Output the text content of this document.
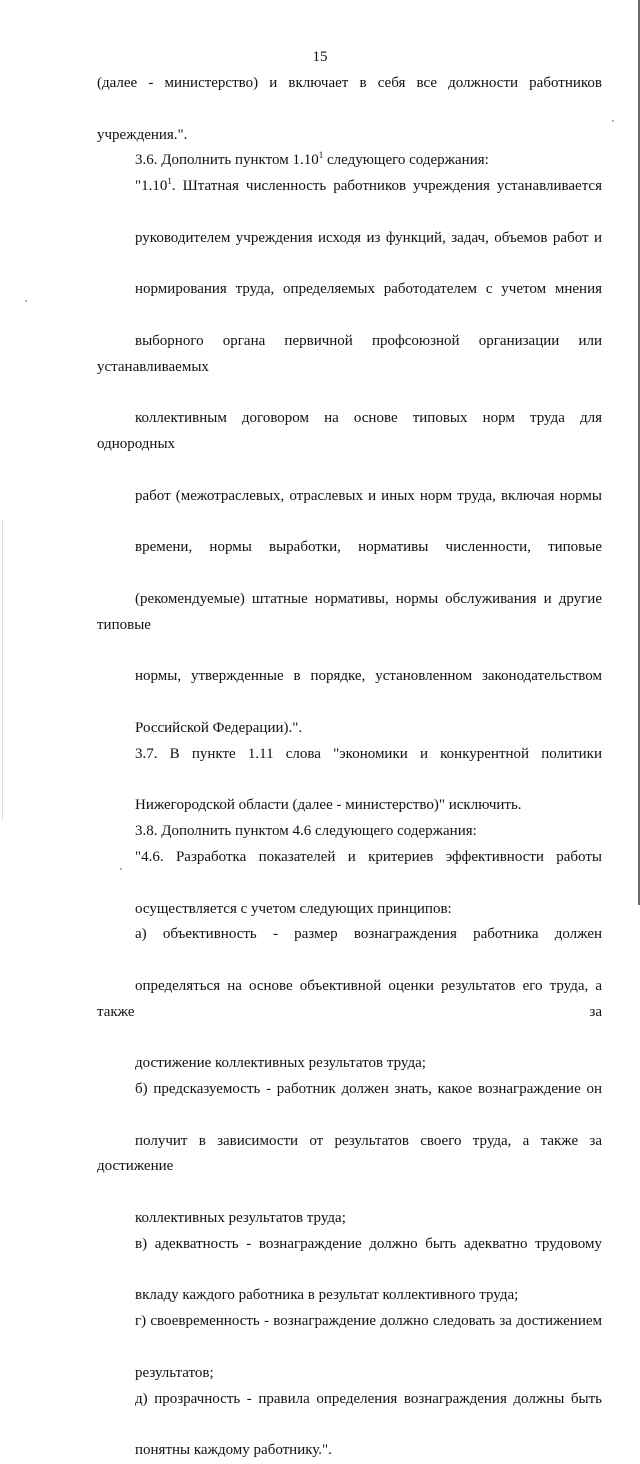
15

(далее - министерство) и включает в себя все должности работников
учреждения.".

3.6. Дополнить пунктом 1.10$^1$ следующего содержания:

"1.10$^1$. Штатная численность работников учреждения устанавливается
руководителем учреждения исходя из функций, задач, объемов работ и
нормирования труда, определяемых работодателем с учетом мнения
выборного органа первичной профсоюзной организации или устанавливаемых
коллективным договором на основе типовых норм труда для однородных
работ (межотраслевых, отраслевых и иных норм труда, включая нормы
времени, нормы выработки, нормативы численности, типовые
(рекомендуемые) штатные нормативы, нормы обслуживания и другие типовые
нормы, утвержденные в порядке, установленном законодательством
Российской Федерации).".

3.7. В пункте 1.11 слова "экономики и конкурентной политики
Нижегородской области (далее - министерство)" исключить.

3.8. Дополнить пунктом 4.6 следующего содержания:

"4.6. Разработка показателей и критериев эффективности работы
осуществляется с учетом следующих принципов:

а) объективность - размер вознаграждения работника должен
определяться на основе объективной оценки результатов его труда, а также за
достижение коллективных результатов труда;

б) предсказуемость - работник должен знать, какое вознаграждение он
получит в зависимости от результатов своего труда, а также за достижение
коллективных результатов труда;

в) адекватность - вознаграждение должно быть адекватно трудовому
вкладу каждого работника в результат коллективного труда;

г) своевременность - вознаграждение должно следовать за достижением
результатов;

д) прозрачность - правила определения вознаграждения должны быть
понятны каждому работнику.".
